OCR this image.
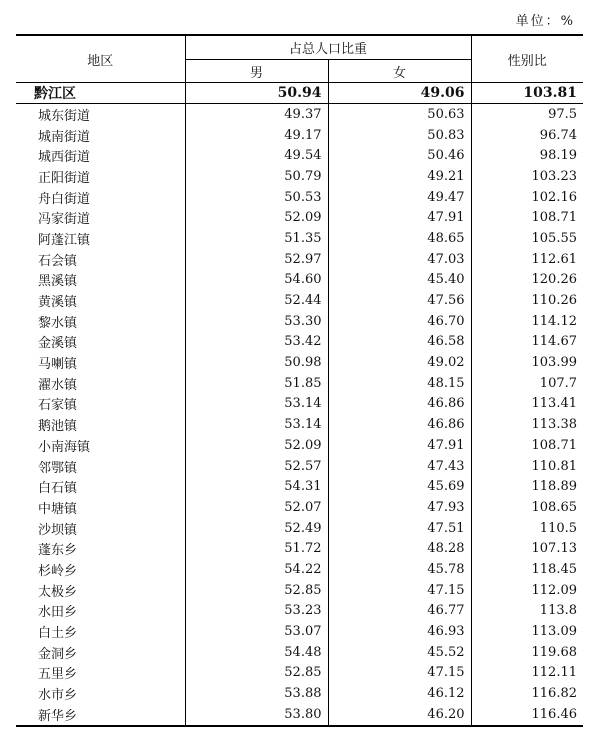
单位：%
地区	占总人口比重		性别比
	男	女	
黔江区	50.94	49.06	103.81
城东街道	49.37	50.63	97.5
城南街道	49.17	50.83	96.74
城西街道	49.54	50.46	98.19
正阳街道	50.79	49.21	103.23
舟白街道	50.53	49.47	102.16
冯家街道	52.09	47.91	108.71
阿蓬江镇	51.35	48.65	105.55
石会镇	52.97	47.03	112.61
黑溪镇	54.60	45.40	120.26
黄溪镇	52.44	47.56	110.26
黎水镇	53.30	46.70	114.12
金溪镇	53.42	46.58	114.67
马喇镇	50.98	49.02	103.99
濯水镇	51.85	48.15	107.7
石家镇	53.14	46.86	113.41
鹅池镇	53.14	46.86	113.38
小南海镇	52.09	47.91	108.71
邻鄂镇	52.57	47.43	110.81
白石镇	54.31	45.69	118.89
中塘镇	52.07	47.93	108.65
沙坝镇	52.49	47.51	110.5
蓬东乡	51.72	48.28	107.13
杉岭乡	54.22	45.78	118.45
太极乡	52.85	47.15	112.09
水田乡	53.23	46.77	113.8
白土乡	53.07	46.93	113.09
金洞乡	54.48	45.52	119.68
五里乡	52.85	47.15	112.11
水市乡	53.88	46.12	116.82
新华乡	53.80	46.20	116.46
